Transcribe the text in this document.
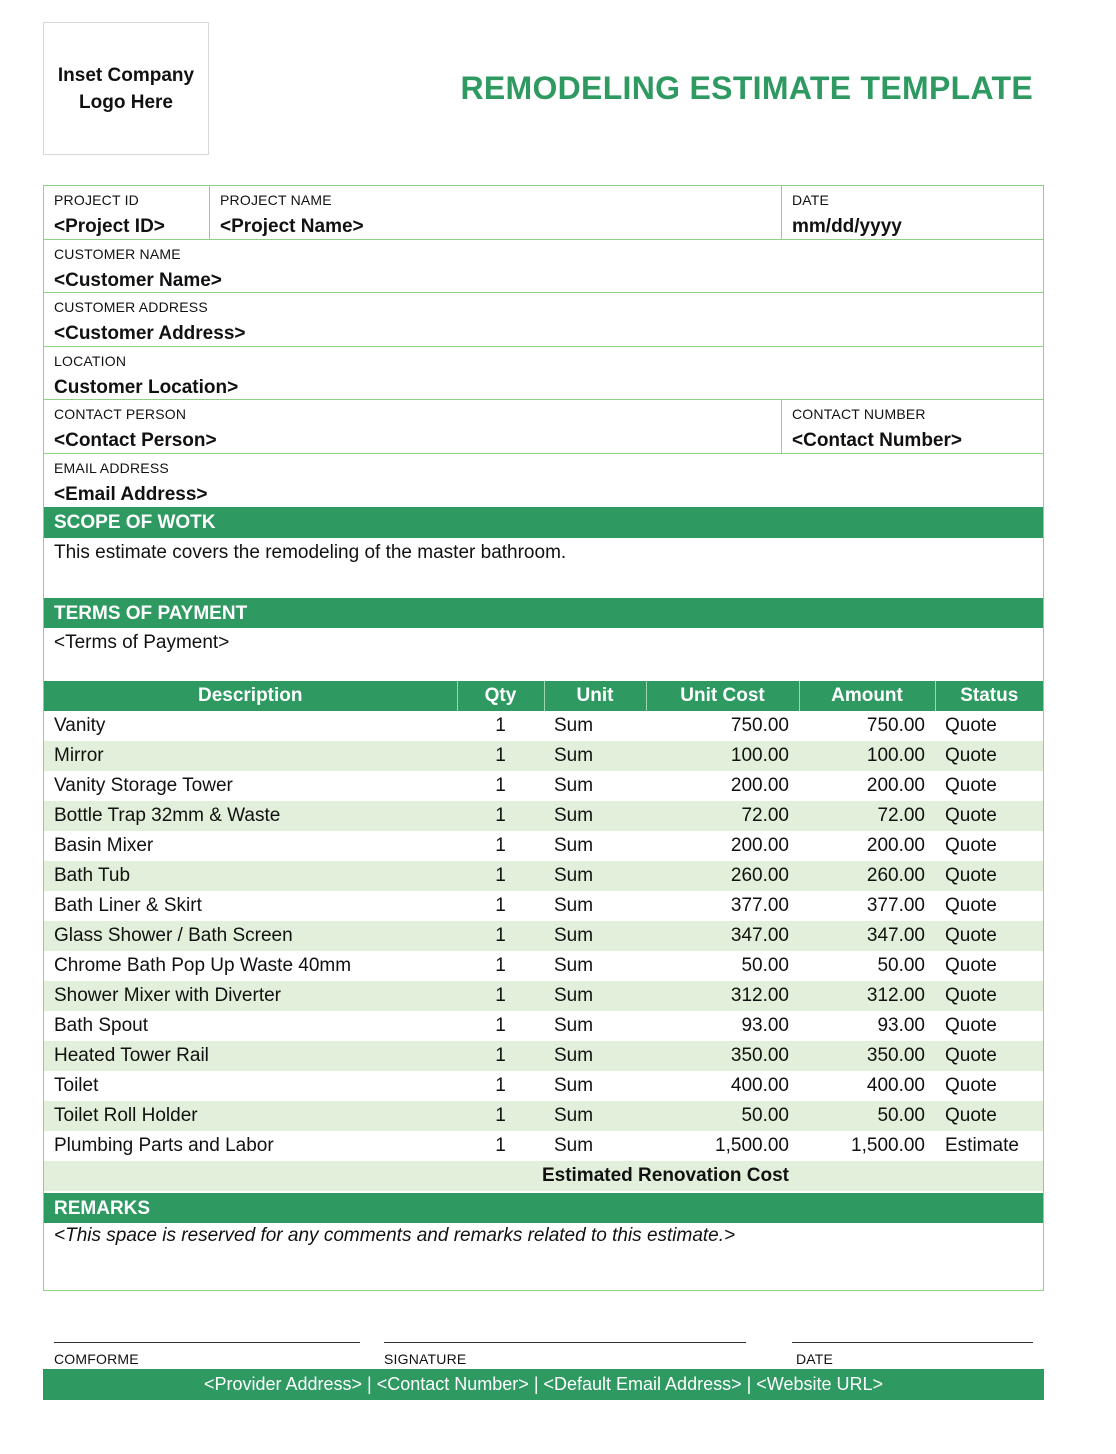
Inset Company Logo Here	REMODELING ESTIMATE TEMPLATE
PROJECT ID
<Project ID>
PROJECT NAME
<Project Name>
DATE
mm/dd/yyyy
CUSTOMER NAME
<Customer Name>
CUSTOMER ADDRESS
<Customer Address>
LOCATION
Customer Location>
CONTACT PERSON
<Contact Person>
CONTACT NUMBER
<Contact Number>
EMAIL ADDRESS
<Email Address>
SCOPE OF WOTK
This estimate covers the remodeling of the master bathroom.
TERMS OF PAYMENT
<Terms of Payment>
Description	Qty	Unit	Unit Cost	Amount	Status
Vanity	1	Sum	750.00	750.00	Quote
Mirror	1	Sum	100.00	100.00	Quote
Vanity Storage Tower	1	Sum	200.00	200.00	Quote
Bottle Trap 32mm & Waste	1	Sum	72.00	72.00	Quote
Basin Mixer	1	Sum	200.00	200.00	Quote
Bath Tub	1	Sum	260.00	260.00	Quote
Bath Liner & Skirt	1	Sum	377.00	377.00	Quote
Glass Shower / Bath Screen	1	Sum	347.00	347.00	Quote
Chrome Bath Pop Up Waste 40mm	1	Sum	50.00	50.00	Quote
Shower Mixer with Diverter	1	Sum	312.00	312.00	Quote
Bath Spout	1	Sum	93.00	93.00	Quote
Heated Tower Rail	1	Sum	350.00	350.00	Quote
Toilet	1	Sum	400.00	400.00	Quote
Toilet Roll Holder	1	Sum	50.00	50.00	Quote
Plumbing Parts and Labor	1	Sum	1,500.00	1,500.00	Estimate
Estimated Renovation Cost					
REMARKS
<This space is reserved for any comments and remarks related to this estimate.>
COMFORME	SIGNATURE	DATE
<Provider Address> | <Contact Number> | <Default Email Address> | <Website URL>
